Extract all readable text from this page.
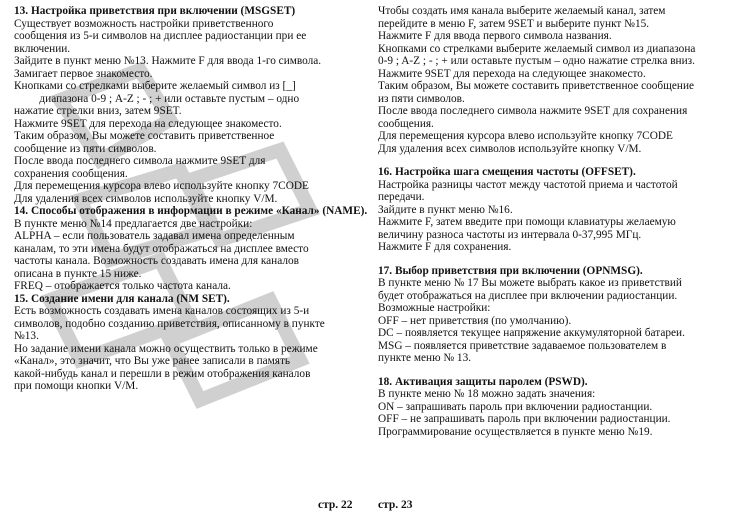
13. Настройка приветствия при включении (MSGSET)

Существует возможность настройки приветственного

сообщения из 5-и символов на дисплее радиостанции при ее

включении.

Зайдите в пункт меню №13. Нажмите F для ввода 1-го символа.

Замигает первое знакоместо.

Кнопками со стрелками выберите желаемый символ из [_]

диапазона 0-9 ; A-Z ; - ; + или оставьте пустым – одно

нажатие стрелки вниз, затем 9SET.

Нажмите 9SET для перехода на следующее знакоместо.

Таким образом, Вы можете составить приветственное

сообщение из пяти символов.

После ввода последнего символа нажмите 9SET для

сохранения сообщения.

Для перемещения курсора влево используйте кнопку 7CODE

Для удаления всех символов используйте кнопку V/M.

14. Способы отображения в информации в режиме «Канал» (NAME).

В пункте меню №14 предлагается две настройки:

ALPHA – если пользователь задавал имена определенным

каналам, то эти имена будут отображаться на дисплее вместо

частоты канала. Возможность создавать имена для каналов

описана в пункте 15 ниже.

FREQ – отображается только частота канала.

15. Создание имени для канала (NM SET).

Есть возможность создавать имена каналов состоящих из 5-и

символов, подобно созданию приветствия, описанному в пункте

№13.

Но задание имени канала можно осуществить только в режиме

«Канал», это значит, что Вы уже ранее записали в память

какой-нибудь канал и перешли в режим отображения каналов

при помощи кнопки V/M.

Чтобы создать имя канала выберите желаемый канал, затем

перейдите в меню F, затем 9SET и выберите пункт №15.

Нажмите F для ввода первого символа названия.

Кнопками со стрелками выберите желаемый символ из диапазона

0-9 ; A-Z ; - ; + или оставьте пустым – одно нажатие стрелка вниз.

Нажмите 9SET для перехода на следующее знакоместо.

Таким образом, Вы можете составить приветственное сообщение

из пяти символов.

После ввода последнего символа нажмите 9SET для сохранения

сообщения.

Для перемещения курсора влево используйте кнопку 7CODE

Для удаления всех символов используйте кнопку V/M.

16. Настройка шага смещения частоты (OFFSET).

Настройка разницы частот между частотой приема и частотой

передачи.

Зайдите в пункт меню №16.

Нажмите F, затем введите при помощи клавиатуры желаемую

величину разноса частоты из интервала 0-37,995 МГц.

Нажмите F для сохранения.

17. Выбор приветствия при включении (OPNMSG).

В пункте меню № 17 Вы можете выбрать какое из приветствий

будет отображаться на дисплее при включении радиостанции.

Возможные настройки:

OFF – нет приветствия (по умолчанию).

DC – появляется текущее напряжение аккумуляторной батареи.

MSG – появляется приветствие задаваемое пользователем в

пункте меню № 13.

18. Активация защиты паролем (PSWD).

В пункте меню № 18 можно задать значения:

ON – запрашивать пароль при включении радиостанции.

OFF – не запрашивать пароль при включении радиостанции.

Программирование осуществляется в пункте меню №19.

стр. 22 стр. 23
